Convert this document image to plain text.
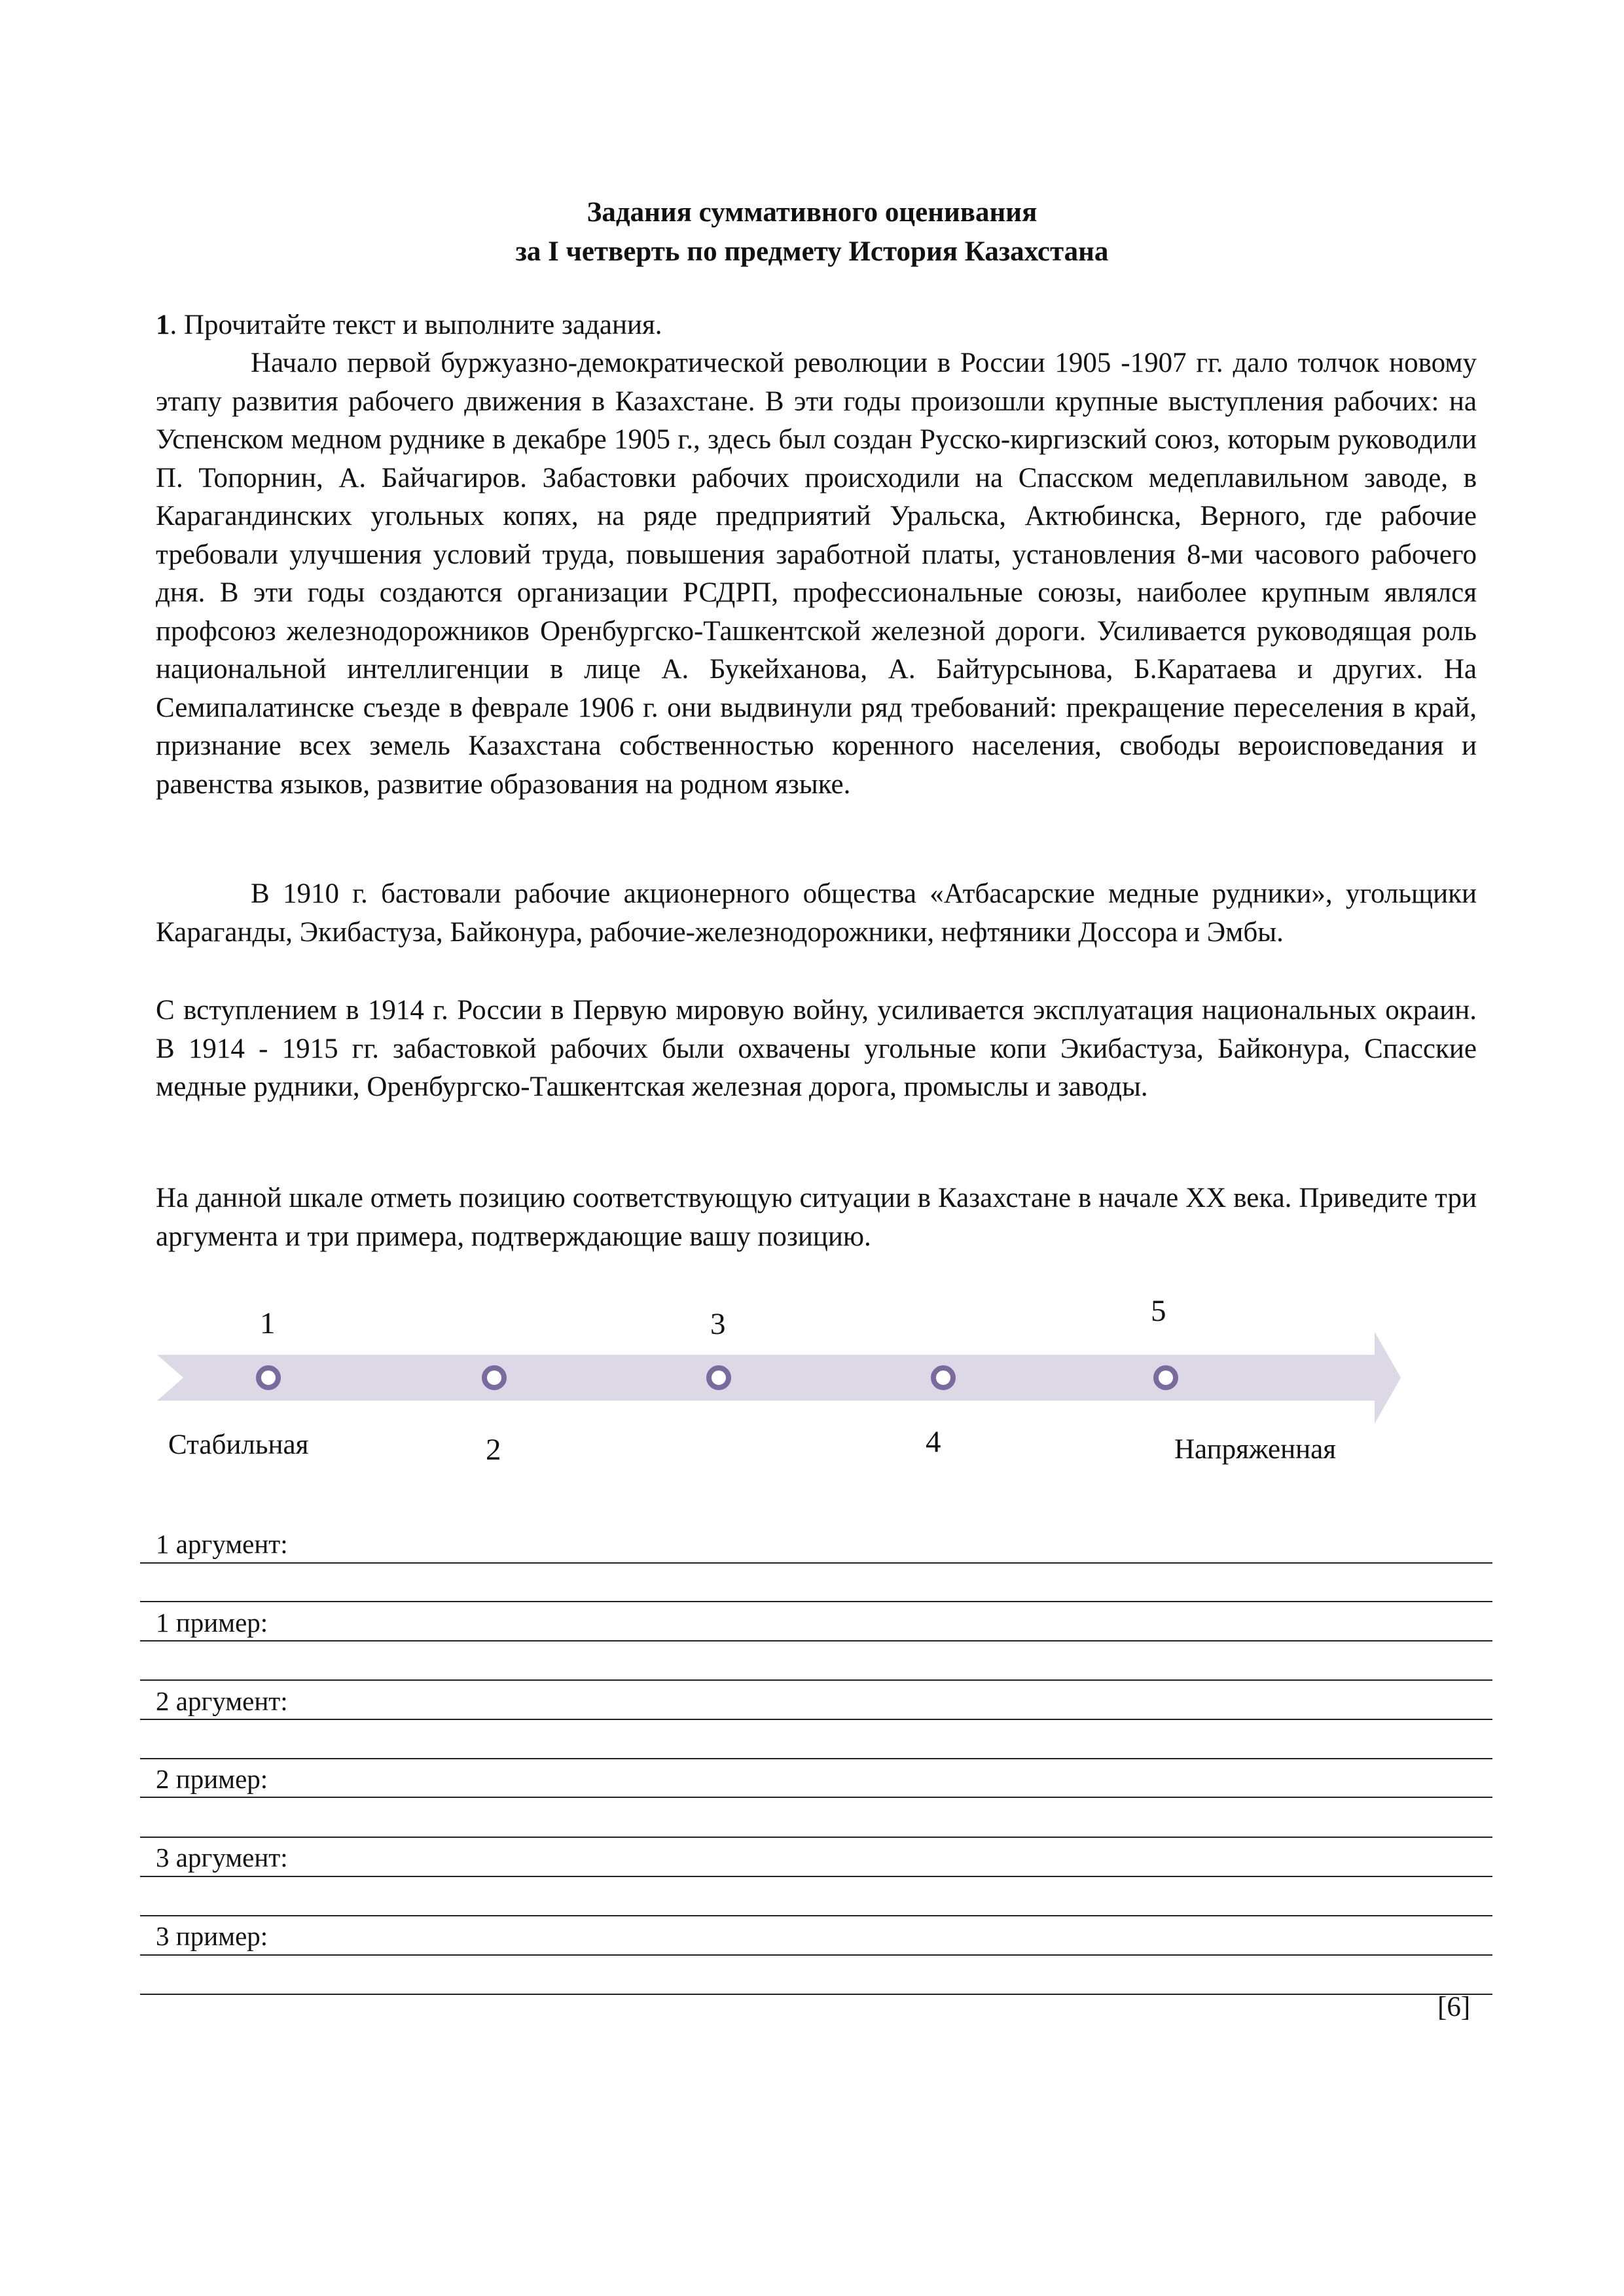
Задания суммативного оценивания
за I четверть по предмету История Казахстана

1. Прочитайте текст и выполните задания.

Начало первой буржуазно-демократической революции в России 1905 -1907 гг. дало толчок новому этапу развития рабочего движения в Казахстане. В эти годы произошли крупные выступления рабочих: на Успенском медном руднике в декабре 1905 г., здесь был создан Русско-киргизский союз, которым руководили П. Топорнин, А. Байчагиров. Забастовки рабочих происходили на Спасском медеплавильном заводе, в Карагандинских угольных копях, на ряде предприятий Уральска, Актюбинска, Верного, где рабочие требовали улучшения условий труда, повышения заработной платы, установления 8-ми часового рабочего дня. В эти годы создаются организации РСДРП, профессиональные союзы, наиболее крупным являлся профсоюз железнодорожников Оренбургско-Ташкентской железной дороги. Усиливается руководящая роль национальной интеллигенции в лице А. Букейханова, А. Байтурсынова, Б.Каратаева и других. На Семипалатинске съезде в феврале 1906 г. они выдвинули ряд требований: прекращение переселения в край, признание всех земель Казахстана собственностью коренного населения, свободы вероисповедания и равенства языков, развитие образования на родном языке.

В 1910 г. бастовали рабочие акционерного общества «Атбасарские медные рудники», угольщики Караганды, Экибастуза, Байконура, рабочие-железнодорожники, нефтяники Доссора и Эмбы.

С вступлением в 1914 г. России в Первую мировую войну, усиливается эксплуатация национальных окраин. В 1914 - 1915 гг. забастовкой рабочих были охвачены угольные копи Экибастуза, Байконура, Спасские медные рудники, Оренбургско-Ташкентская железная дорога, промыслы и заводы.

На данной шкале отметь позицию соответствующую ситуации в Казахстане в начале XX века. Приведите три аргумента и три примера, подтверждающие вашу позицию.

1
2
3
4
5
Стабильная	Напряженная
1 аргумент:
1 пример:
2 аргумент:
2 пример:
3 аргумент:
3 пример:
[6]
